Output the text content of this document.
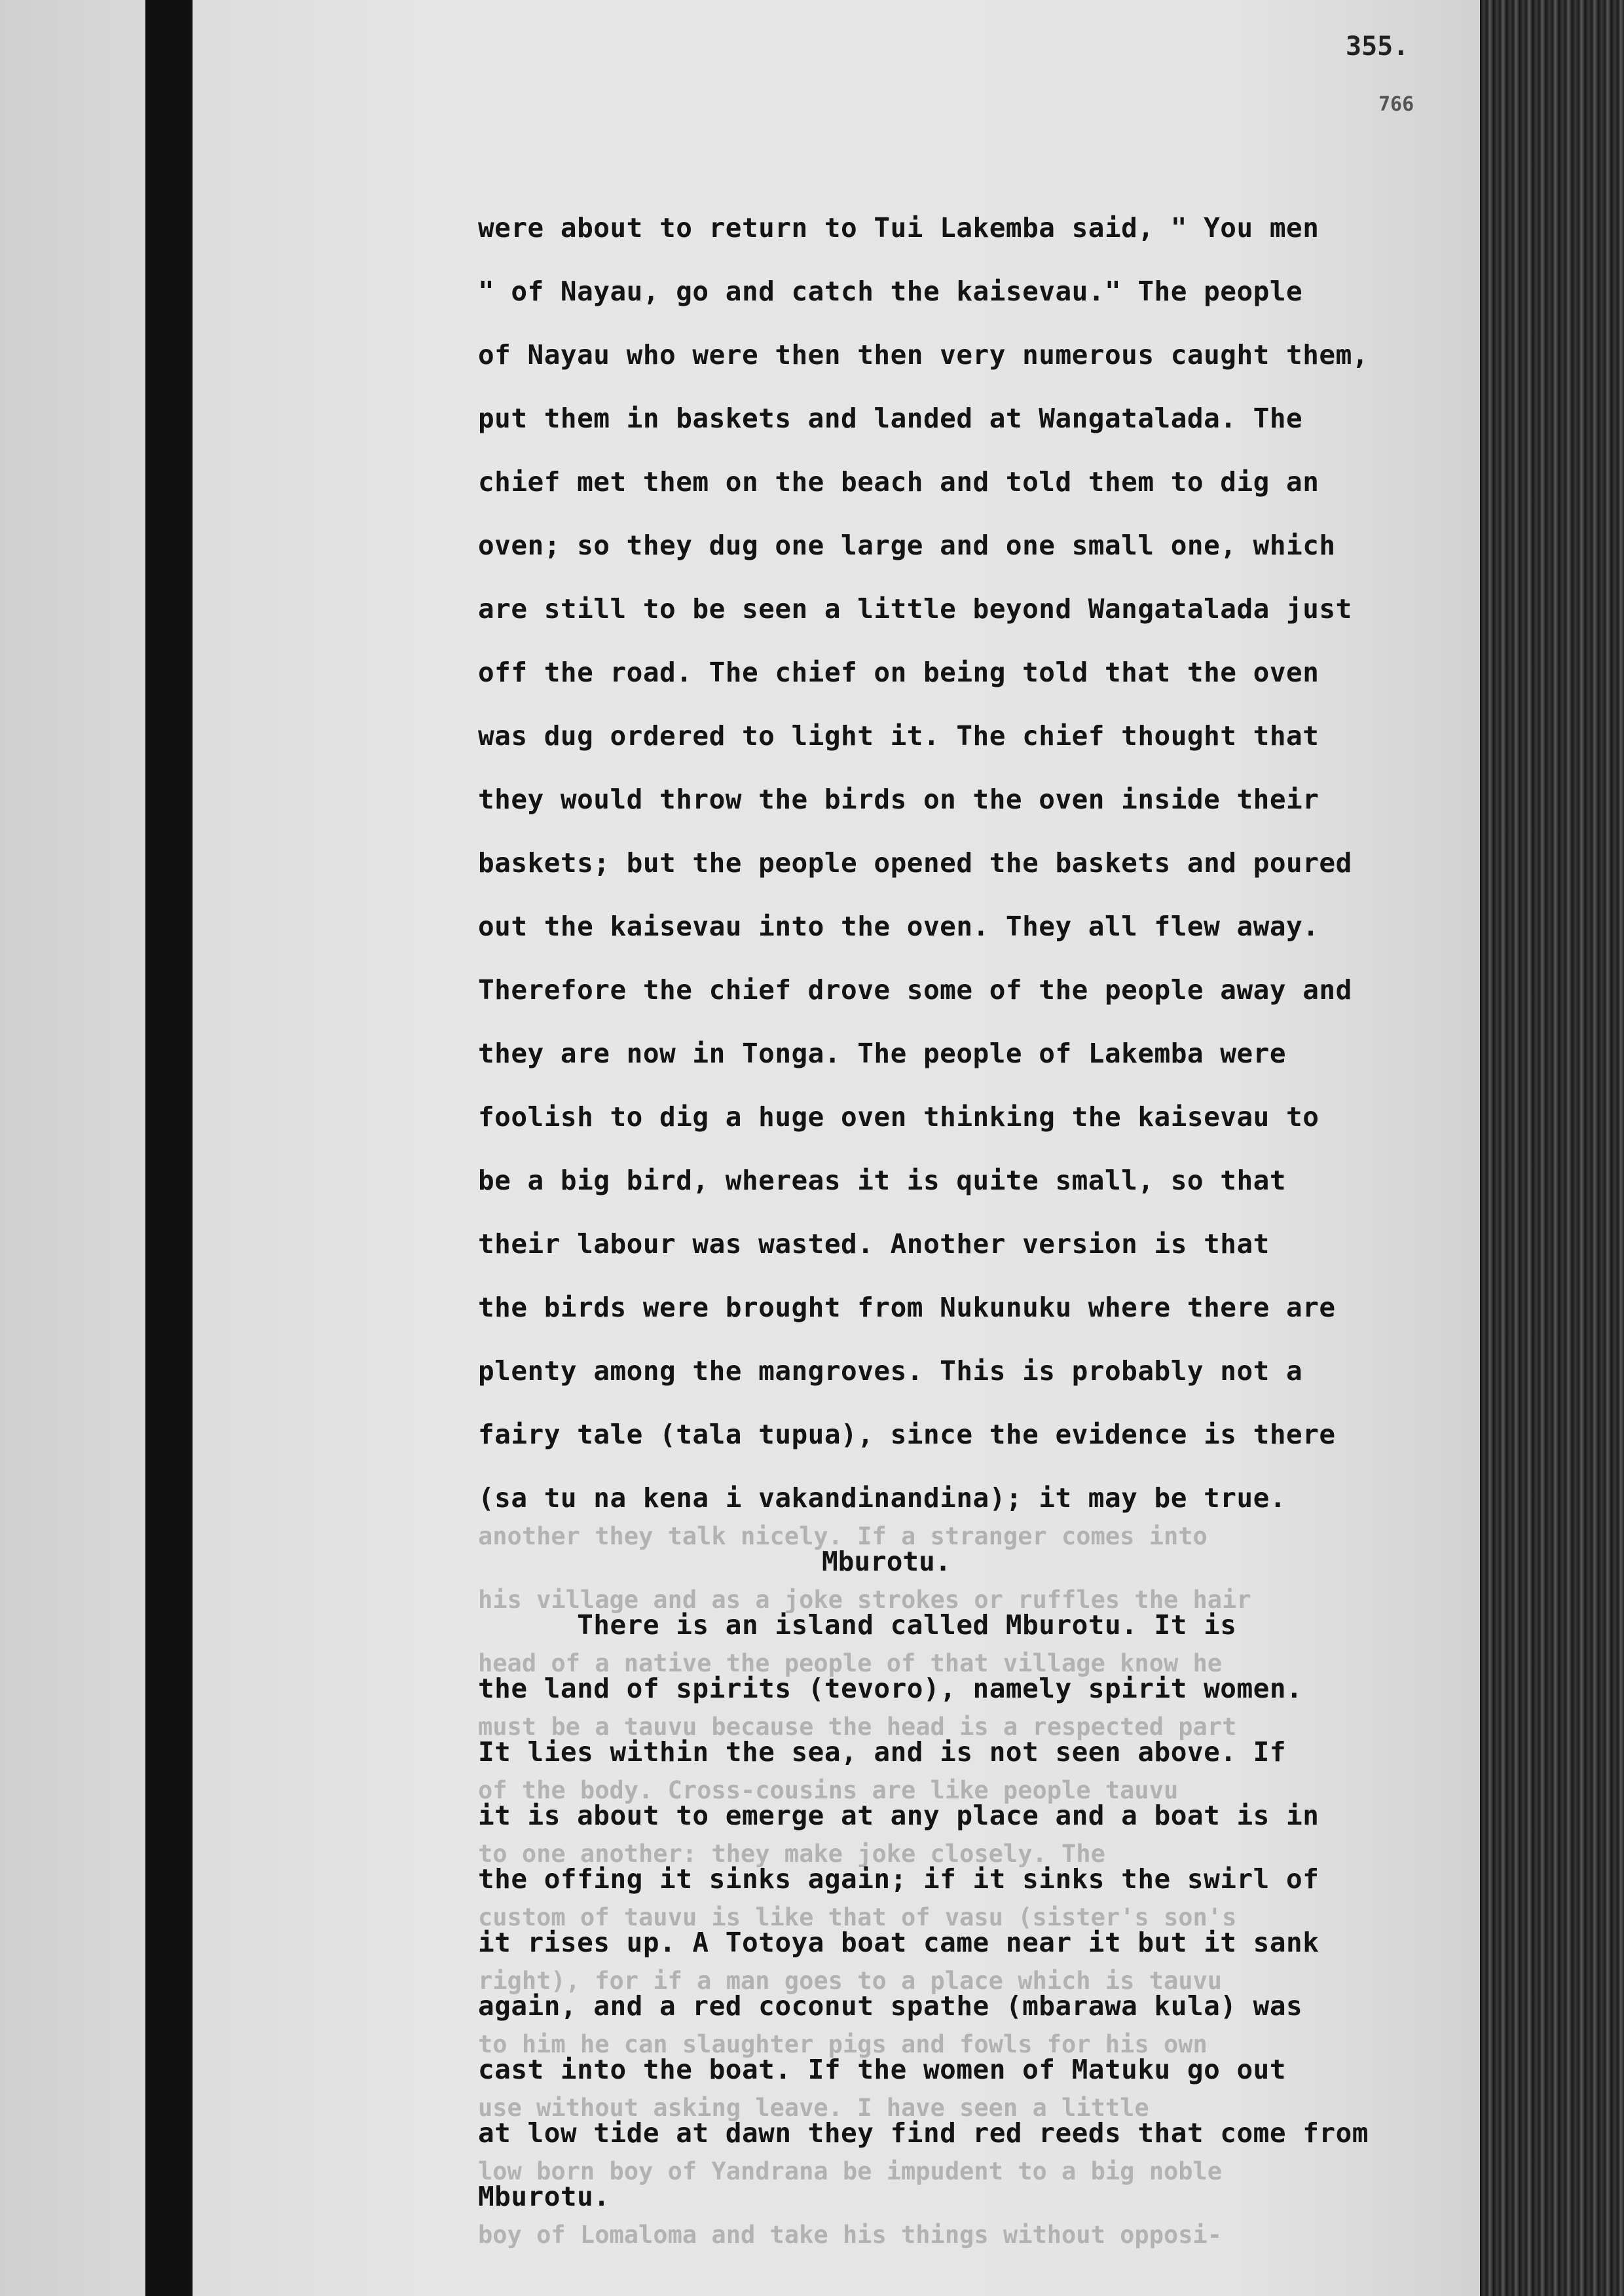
355.
766
another they talk nicely. If a stranger comes into
his village and as a joke strokes or ruffles the hair
head of a native the people of that village know he
must be a tauvu because the head is a respected part
of the body. Cross-cousins are like people tauvu
to one another: they make joke closely. The
custom of tauvu is like that of vasu (sister's son's
right), for if a man goes to a place which is tauvu
to him he can slaughter pigs and fowls for his own
use without asking leave. I have seen a little
low born boy of Yandrana be impudent to a big noble
boy of Lomaloma and take his things without opposi-
were about to return to Tui Lakemba said, " You men
" of Nayau, go and catch the kaisevau." The people
of Nayau who were then then very numerous caught them,
put them in baskets and landed at Wangatalada. The
chief met them on the beach and told them to dig an
oven; so they dug one large and one small one, which
are still to be seen a little beyond Wangatalada just
off the road. The chief on being told that the oven
was dug ordered to light it. The chief thought that
they would throw the birds on the oven inside their
baskets; but the people opened the baskets and poured
out the kaisevau into the oven. They all flew away.
Therefore the chief drove some of the people away and
they are now in Tonga. The people of Lakemba were
foolish to dig a huge oven thinking the kaisevau to
be a big bird, whereas it is quite small, so that
their labour was wasted. Another version is that
the birds were brought from Nukunuku where there are
plenty among the mangroves. This is probably not a
fairy tale (tala tupua), since the evidence is there
(sa tu na kena i vakandinandina); it may be true.
Mburotu.
There is an island called Mburotu. It is
the land of spirits (tevoro), namely spirit women.
It lies within the sea, and is not seen above. If
it is about to emerge at any place and a boat is in
the offing it sinks again; if it sinks the swirl of
it rises up. A Totoya boat came near it but it sank
again, and a red coconut spathe (mbarawa kula) was
cast into the boat. If the women of Matuku go out
at low tide at dawn they find red reeds that come from
Mburotu.
